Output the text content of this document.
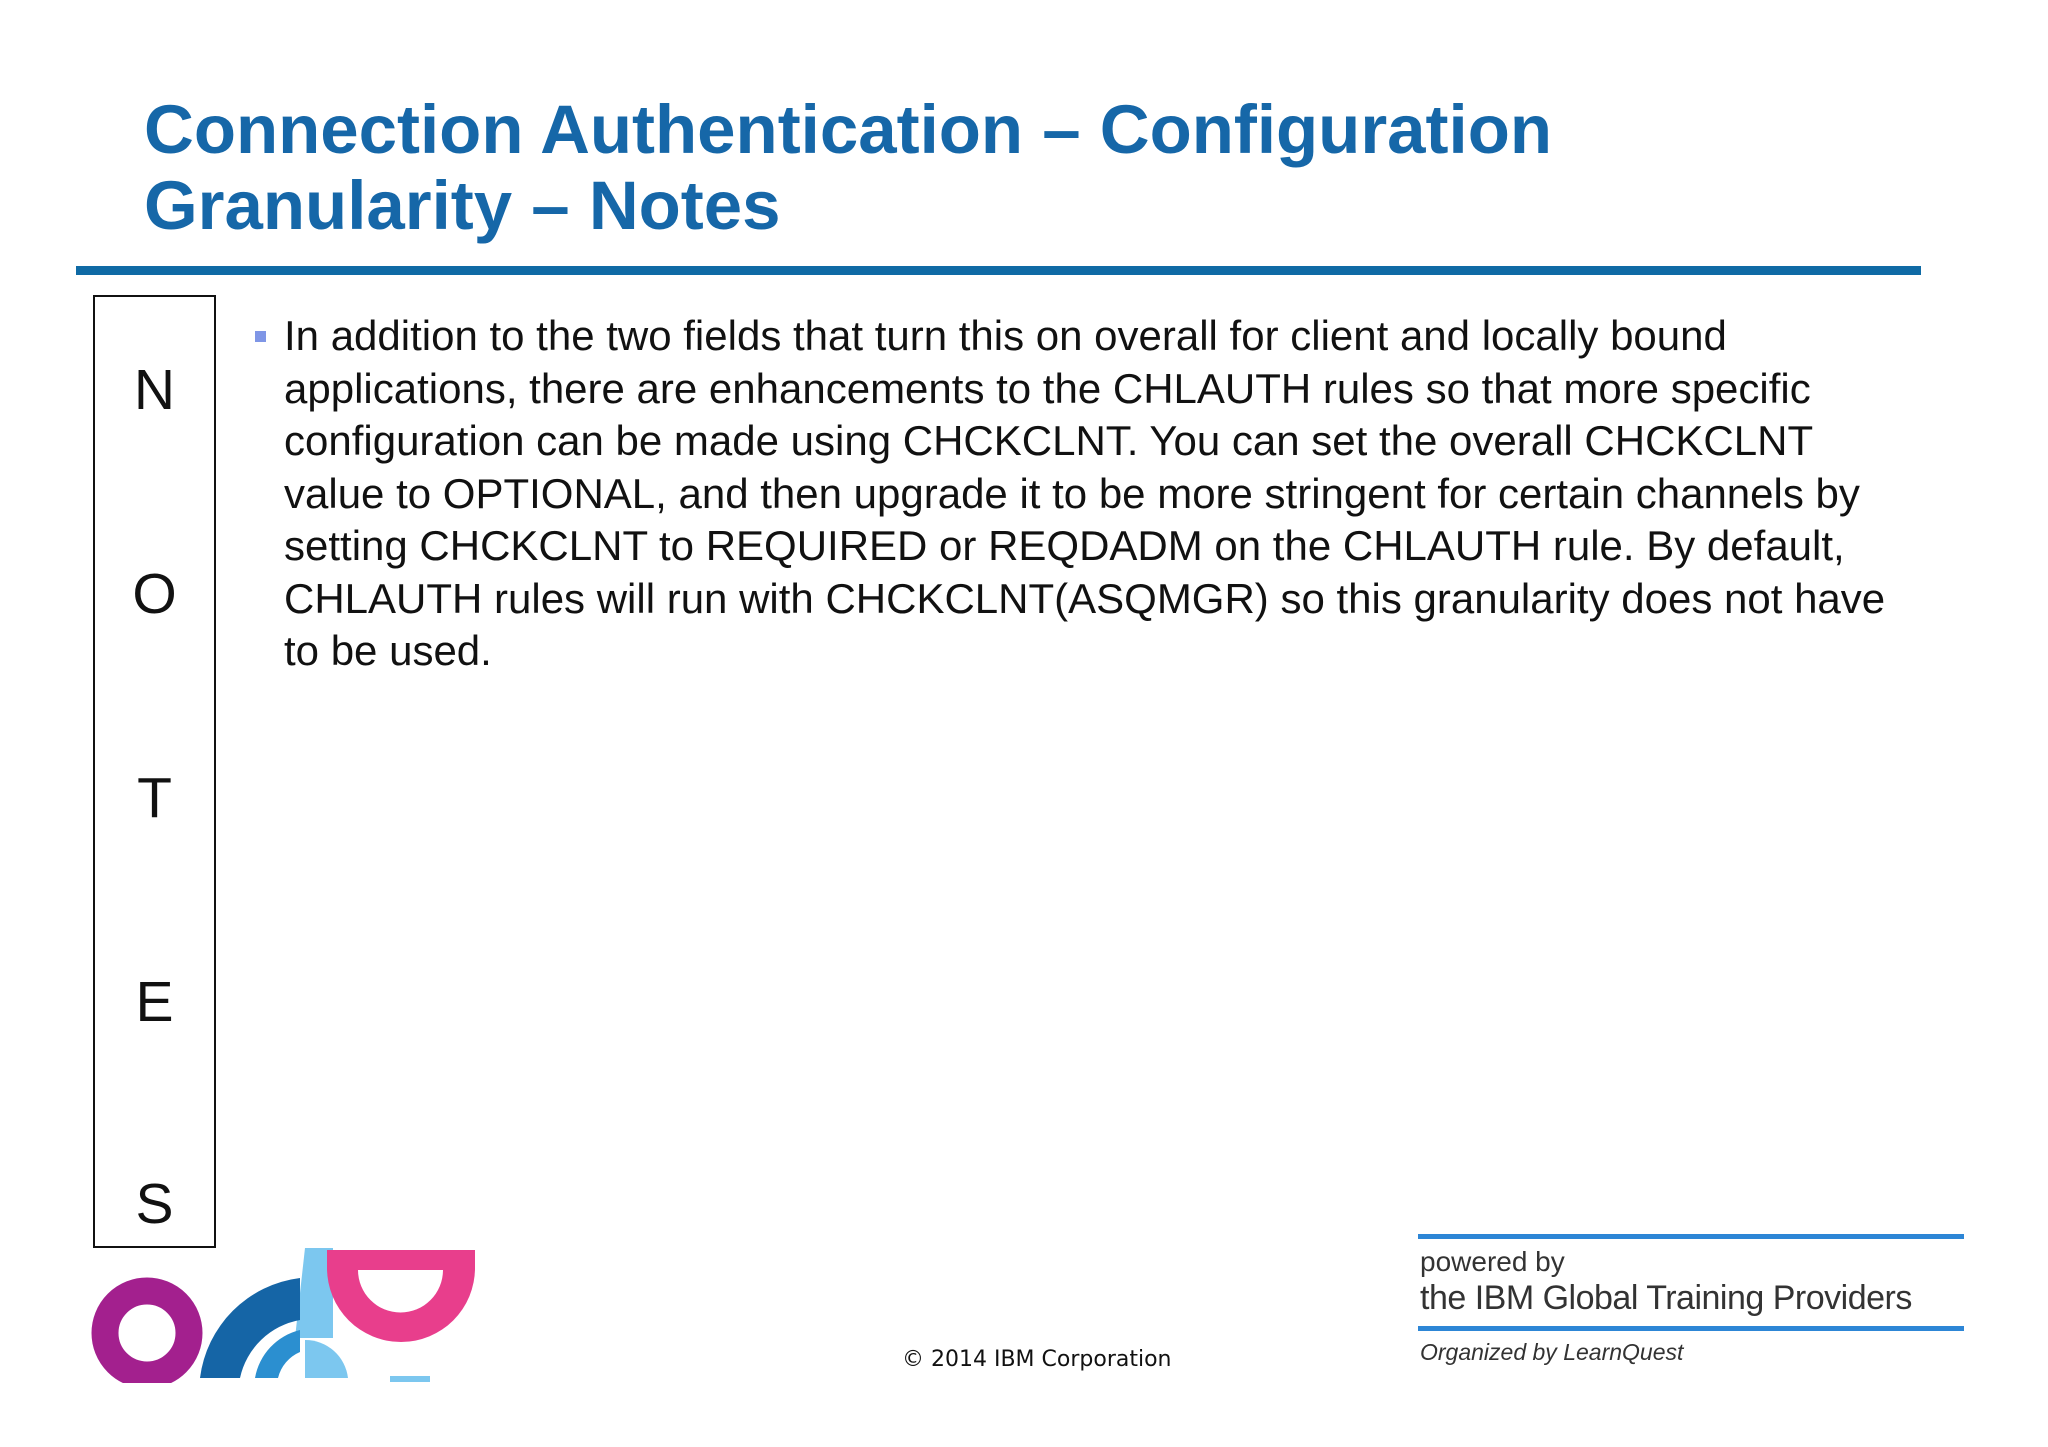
Connection Authentication – Configuration Granularity – Notes
N
O
T
E
S

In addition to the two fields that turn this on overall for client and locally bound applications, there are enhancements to the CHLAUTH rules so that more specific configuration can be made using CHCKCLNT. You can set the overall CHCKCLNT value to OPTIONAL, and then upgrade it to be more stringent for certain channels by setting CHCKCLNT to REQUIRED or REQDADM on the CHLAUTH rule. By default, CHLAUTH rules will run with CHCKCLNT(ASQMGR) so this granularity does not have to be used.

© 2014 IBM Corporation
powered by
the IBM Global Training Providers
Organized by LearnQuest
